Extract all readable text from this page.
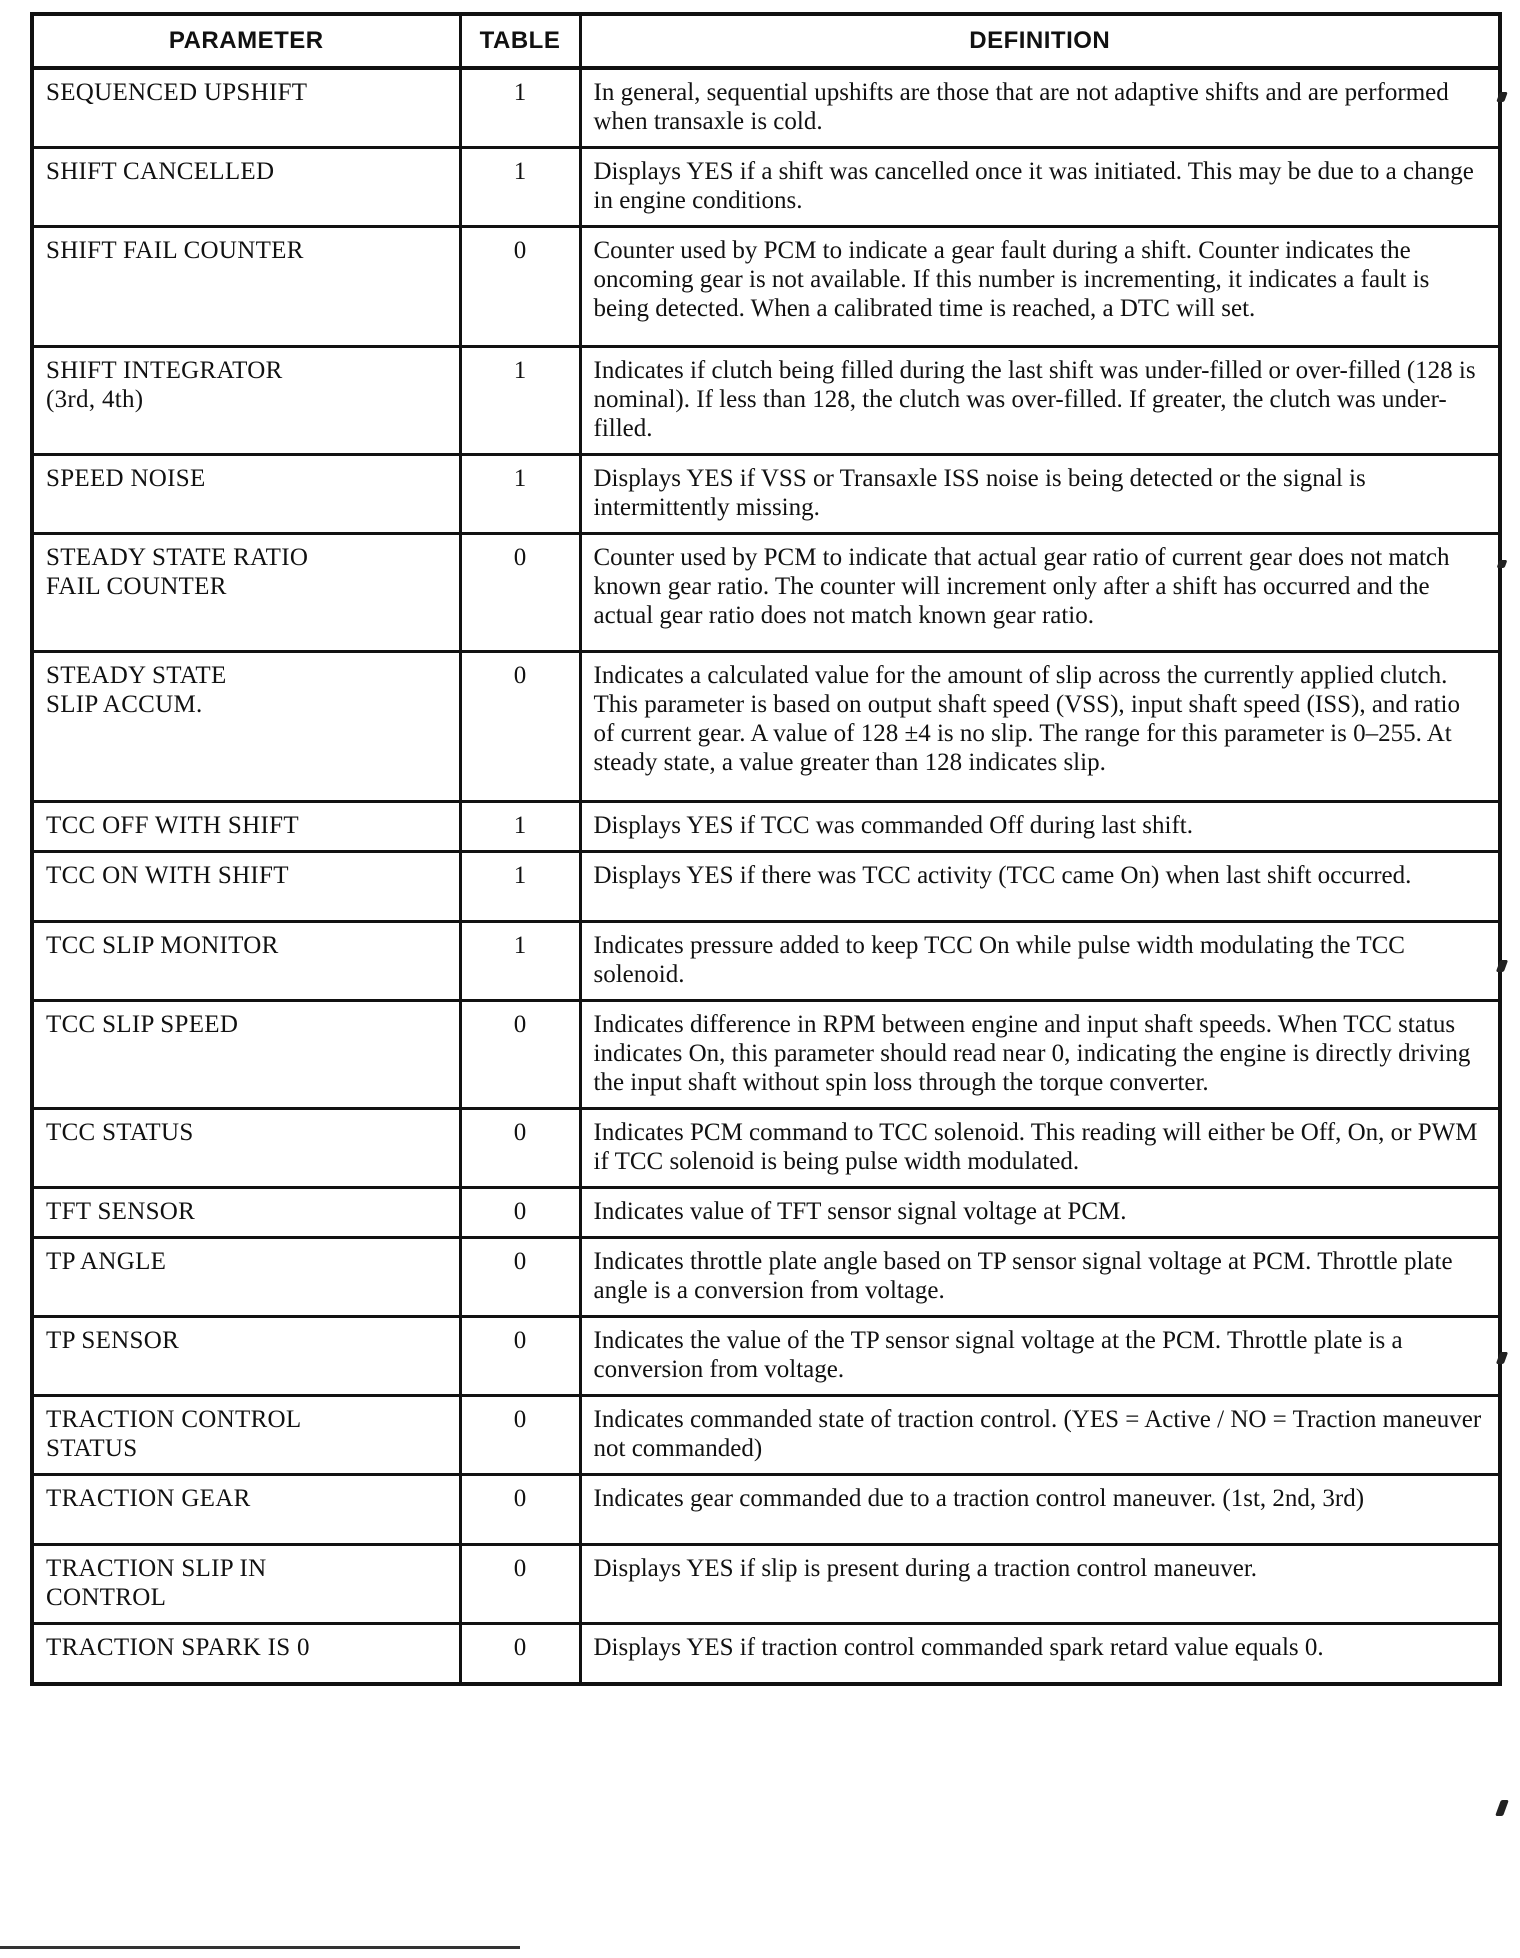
PARAMETER	TABLE	DEFINITION

SEQUENCED UPSHIFT	1	In general, sequential upshifts are those that are not adaptive shifts and are performed when transaxle is cold.

SHIFT CANCELLED	1	Displays YES if a shift was cancelled once it was initiated. This may be due to a change in engine conditions.

SHIFT FAIL COUNTER	0	Counter used by PCM to indicate a gear fault during a shift. Counter indicates the oncoming gear is not available. If this number is incrementing, it indicates a fault is being detected. When a calibrated time is reached, a DTC will set.

SHIFT INTEGRATOR
(3rd, 4th)	1	Indicates if clutch being filled during the last shift was under-filled or over-filled (128 is nominal). If less than 128, the clutch was over-filled. If greater, the clutch was under-filled.

SPEED NOISE	1	Displays YES if VSS or Transaxle ISS noise is being detected or the signal is intermittently missing.

STEADY STATE RATIO
FAIL COUNTER	0	Counter used by PCM to indicate that actual gear ratio of current gear does not match known gear ratio. The counter will increment only after a shift has occurred and the actual gear ratio does not match known gear ratio.

STEADY STATE
SLIP ACCUM.	0	Indicates a calculated value for the amount of slip across the currently applied clutch. This parameter is based on output shaft speed (VSS), input shaft speed (ISS), and ratio of current gear. A value of 128 ±4 is no slip. The range for this parameter is 0–255. At steady state, a value greater than 128 indicates slip.

TCC OFF WITH SHIFT	1	Displays YES if TCC was commanded Off during last shift.

TCC ON WITH SHIFT	1	Displays YES if there was TCC activity (TCC came On) when last shift occurred.

TCC SLIP MONITOR	1	Indicates pressure added to keep TCC On while pulse width modulating the TCC solenoid.

TCC SLIP SPEED	0	Indicates difference in RPM between engine and input shaft speeds. When TCC status indicates On, this parameter should read near 0, indicating the engine is directly driving the input shaft without spin loss through the torque converter.

TCC STATUS	0	Indicates PCM command to TCC solenoid. This reading will either be Off, On, or PWM if TCC solenoid is being pulse width modulated.

TFT SENSOR	0	Indicates value of TFT sensor signal voltage at PCM.

TP ANGLE	0	Indicates throttle plate angle based on TP sensor signal voltage at PCM. Throttle plate angle is a conversion from voltage.

TP SENSOR	0	Indicates the value of the TP sensor signal voltage at the PCM. Throttle plate is a conversion from voltage.

TRACTION CONTROL
STATUS	0	Indicates commanded state of traction control. (YES = Active / NO = Traction maneuver not commanded)

TRACTION GEAR	0	Indicates gear commanded due to a traction control maneuver. (1st, 2nd, 3rd)

TRACTION SLIP IN
CONTROL	0	Displays YES if slip is present during a traction control maneuver.

TRACTION SPARK IS 0	0	Displays YES if traction control commanded spark retard value equals 0.
